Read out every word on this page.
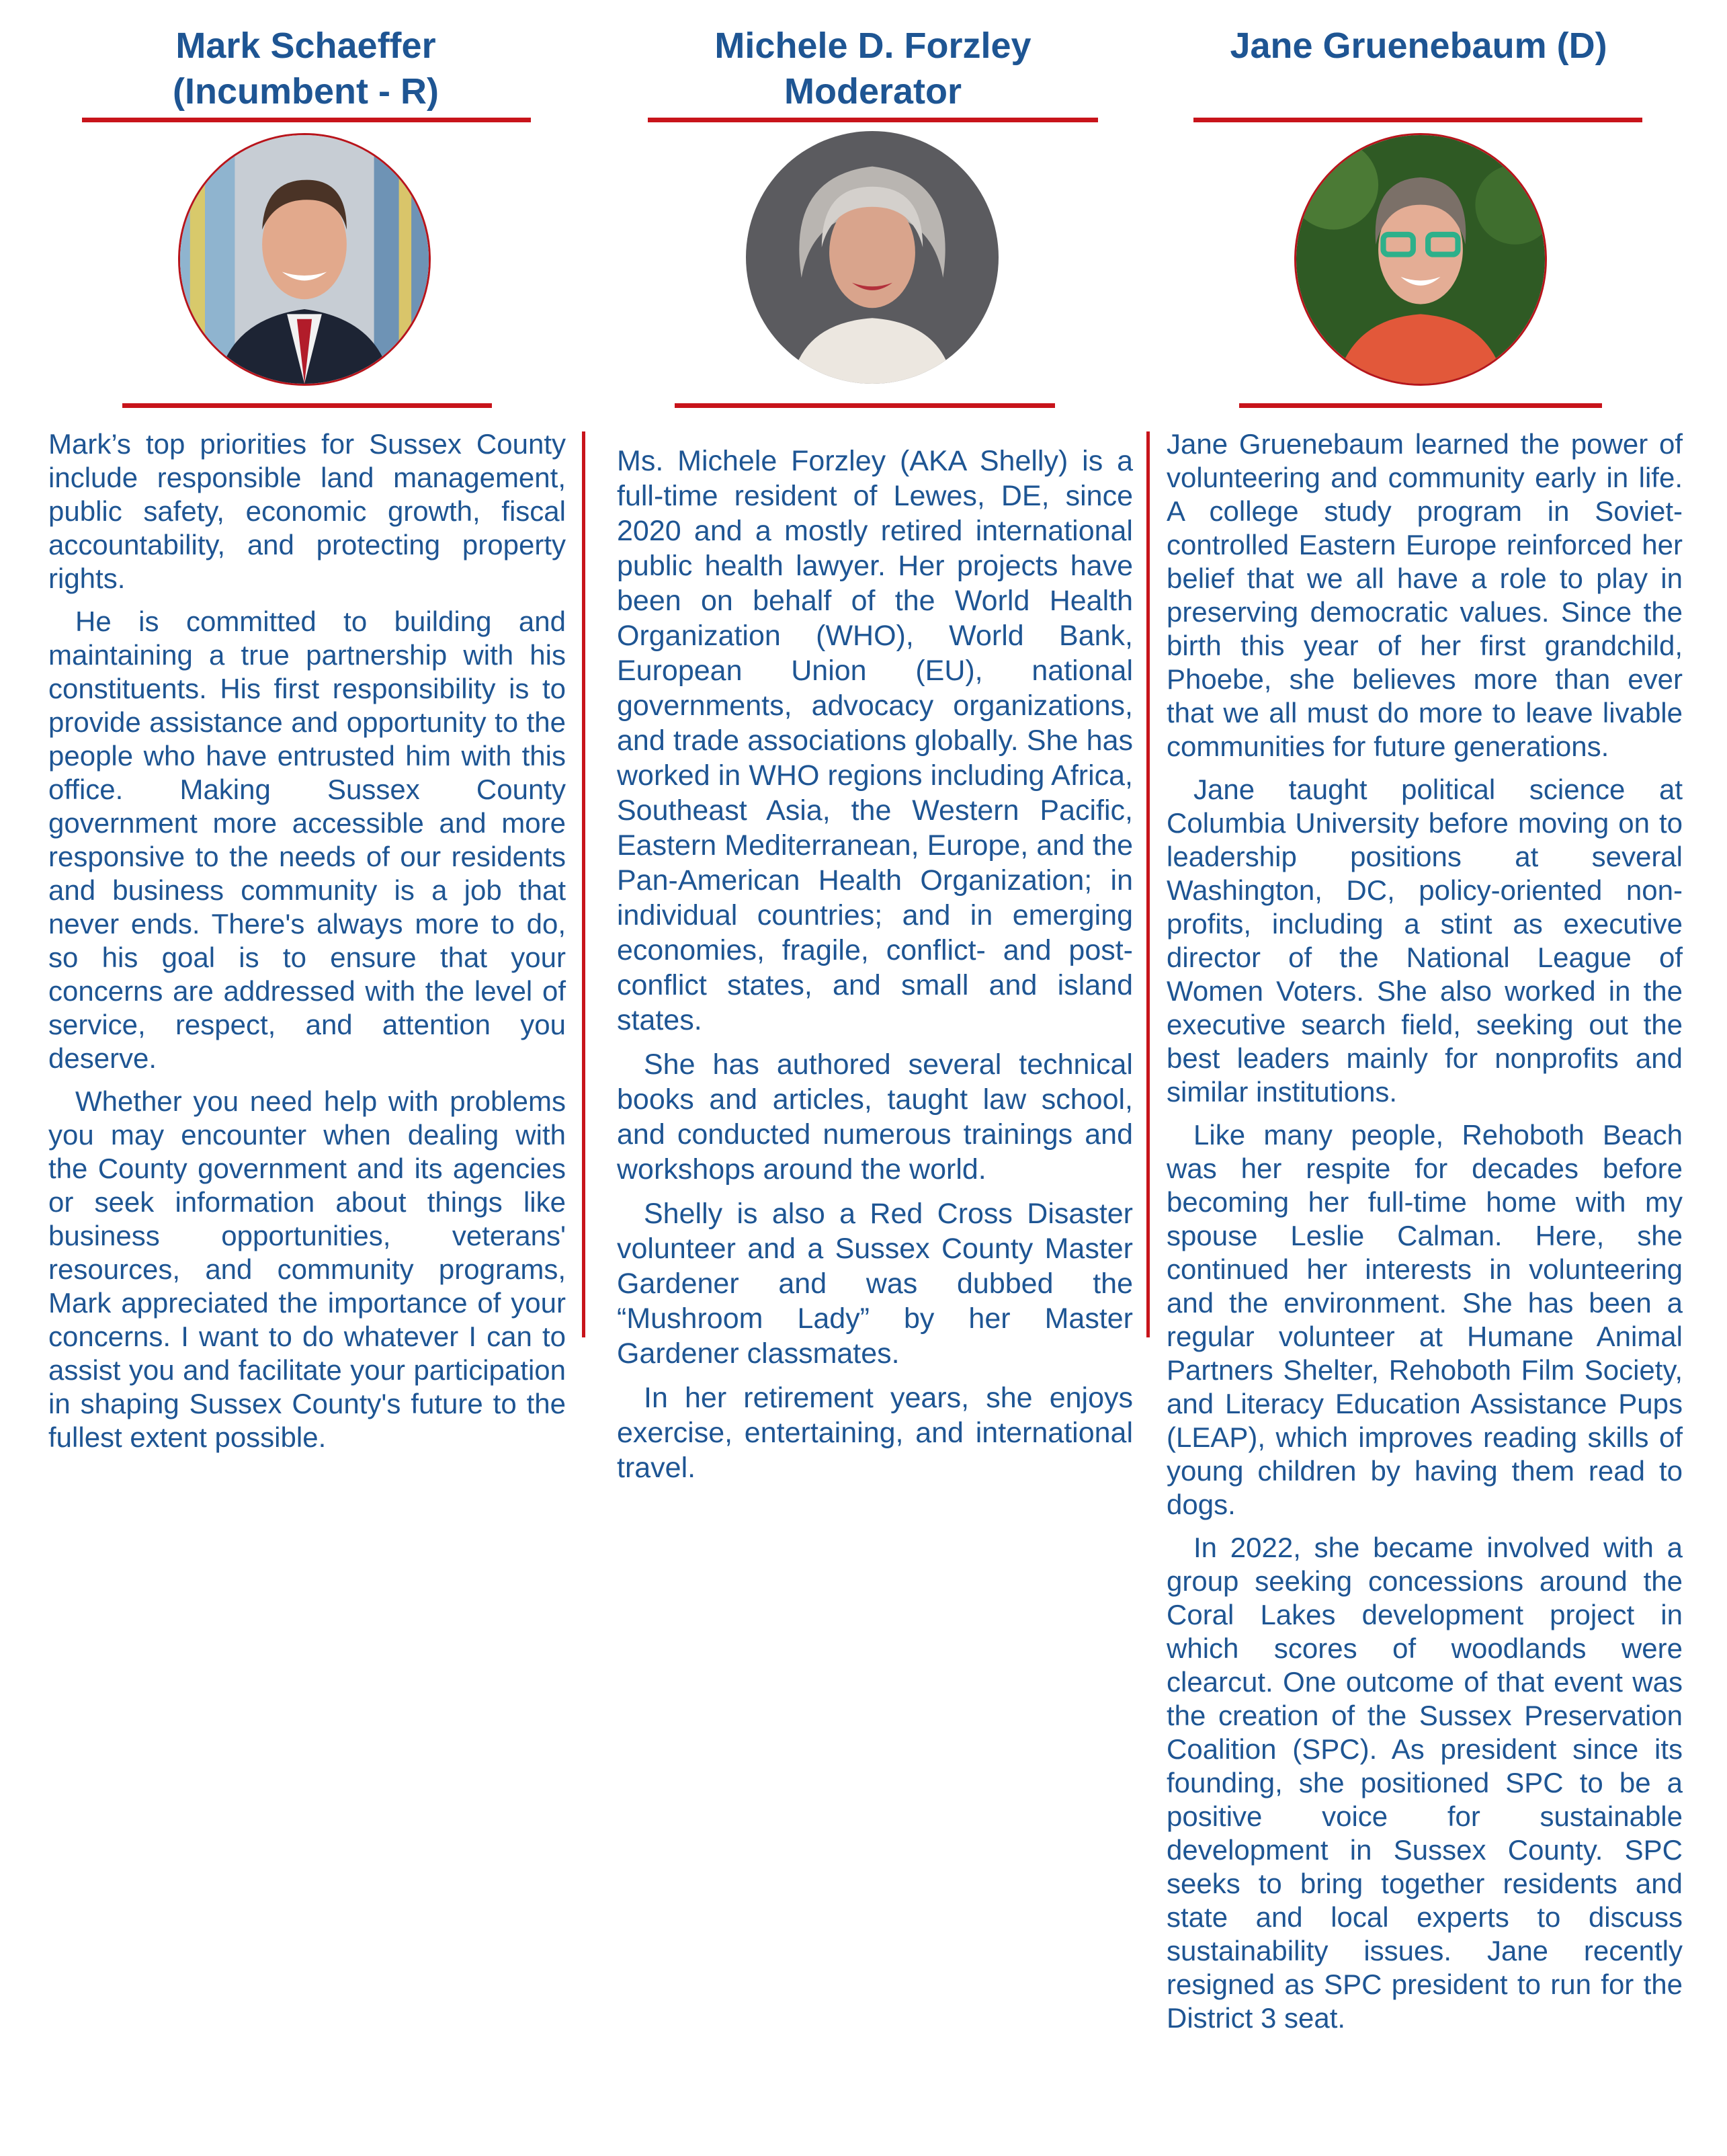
Mark Schaeffer
(Incumbent - R)

Mark’s top priorities for Sussex County include responsible land management, public safety, economic growth, fiscal accountability, and protecting property rights.

He is committed to building and maintaining a true partnership with his constituents. His first responsibility is to provide assistance and opportunity to the people who have entrusted him with this office. Making Sussex County government more accessible and more responsive to the needs of our residents and business community is a job that never ends. There's always more to do, so his goal is to ensure that your concerns are addressed with the level of service, respect, and attention you deserve.

Whether you need help with problems you may encounter when dealing with the County government and its agencies or seek information about things like business opportunities, veterans' resources, and community programs, Mark appreciated the importance of your concerns. I want to do whatever I can to assist you and facilitate your participation in shaping Sussex County's future to the fullest extent possible.

Michele D. Forzley
Moderator

Ms. Michele Forzley (AKA Shelly) is a full-time resident of Lewes, DE, since 2020 and a mostly retired international public health lawyer. Her projects have been on behalf of the World Health Organization (WHO), World Bank, European Union (EU), national governments, advocacy organizations, and trade associations globally. She has worked in WHO regions including Africa, Southeast Asia, the Western Pacific, Eastern Mediterranean, Europe, and the Pan-American Health Organization; in individual countries; and in emerging economies, fragile, conflict- and post-conflict states, and small and island states.

She has authored several technical books and articles, taught law school, and conducted numerous trainings and workshops around the world.

Shelly is also a Red Cross Disaster volunteer and a Sussex County Master Gardener and was dubbed the “Mushroom Lady” by her Master Gardener classmates.

In her retirement years, she enjoys exercise, entertaining, and international travel.

Jane Gruenebaum (D)

Jane Gruenebaum learned the power of volunteering and community early in life. A college study program in Soviet-controlled Eastern Europe reinforced her belief that we all have a role to play in preserving democratic values. Since the birth this year of her first grandchild, Phoebe, she believes more than ever that we all must do more to leave livable communities for future generations.

Jane taught political science at Columbia University before moving on to leadership positions at several Washington, DC, policy-oriented non-profits, including a stint as executive director of the National League of Women Voters. She also worked in the executive search field, seeking out the best leaders mainly for nonprofits and similar institutions.

Like many people, Rehoboth Beach was her respite for decades before becoming her full-time home with my spouse Leslie Calman. Here, she continued her interests in volunteering and the environment. She has been a regular volunteer at Humane Animal Partners Shelter, Rehoboth Film Society, and Literacy Education Assistance Pups (LEAP), which improves reading skills of young children by having them read to dogs.

In 2022, she became involved with a group seeking concessions around the Coral Lakes development project in which scores of woodlands were clearcut. One outcome of that event was the creation of the Sussex Preservation Coalition (SPC). As president since its founding, she positioned SPC to be a positive voice for sustainable development in Sussex County. SPC seeks to bring together residents and state and local experts to discuss sustainability issues. Jane recently resigned as SPC president to run for the District 3 seat.
